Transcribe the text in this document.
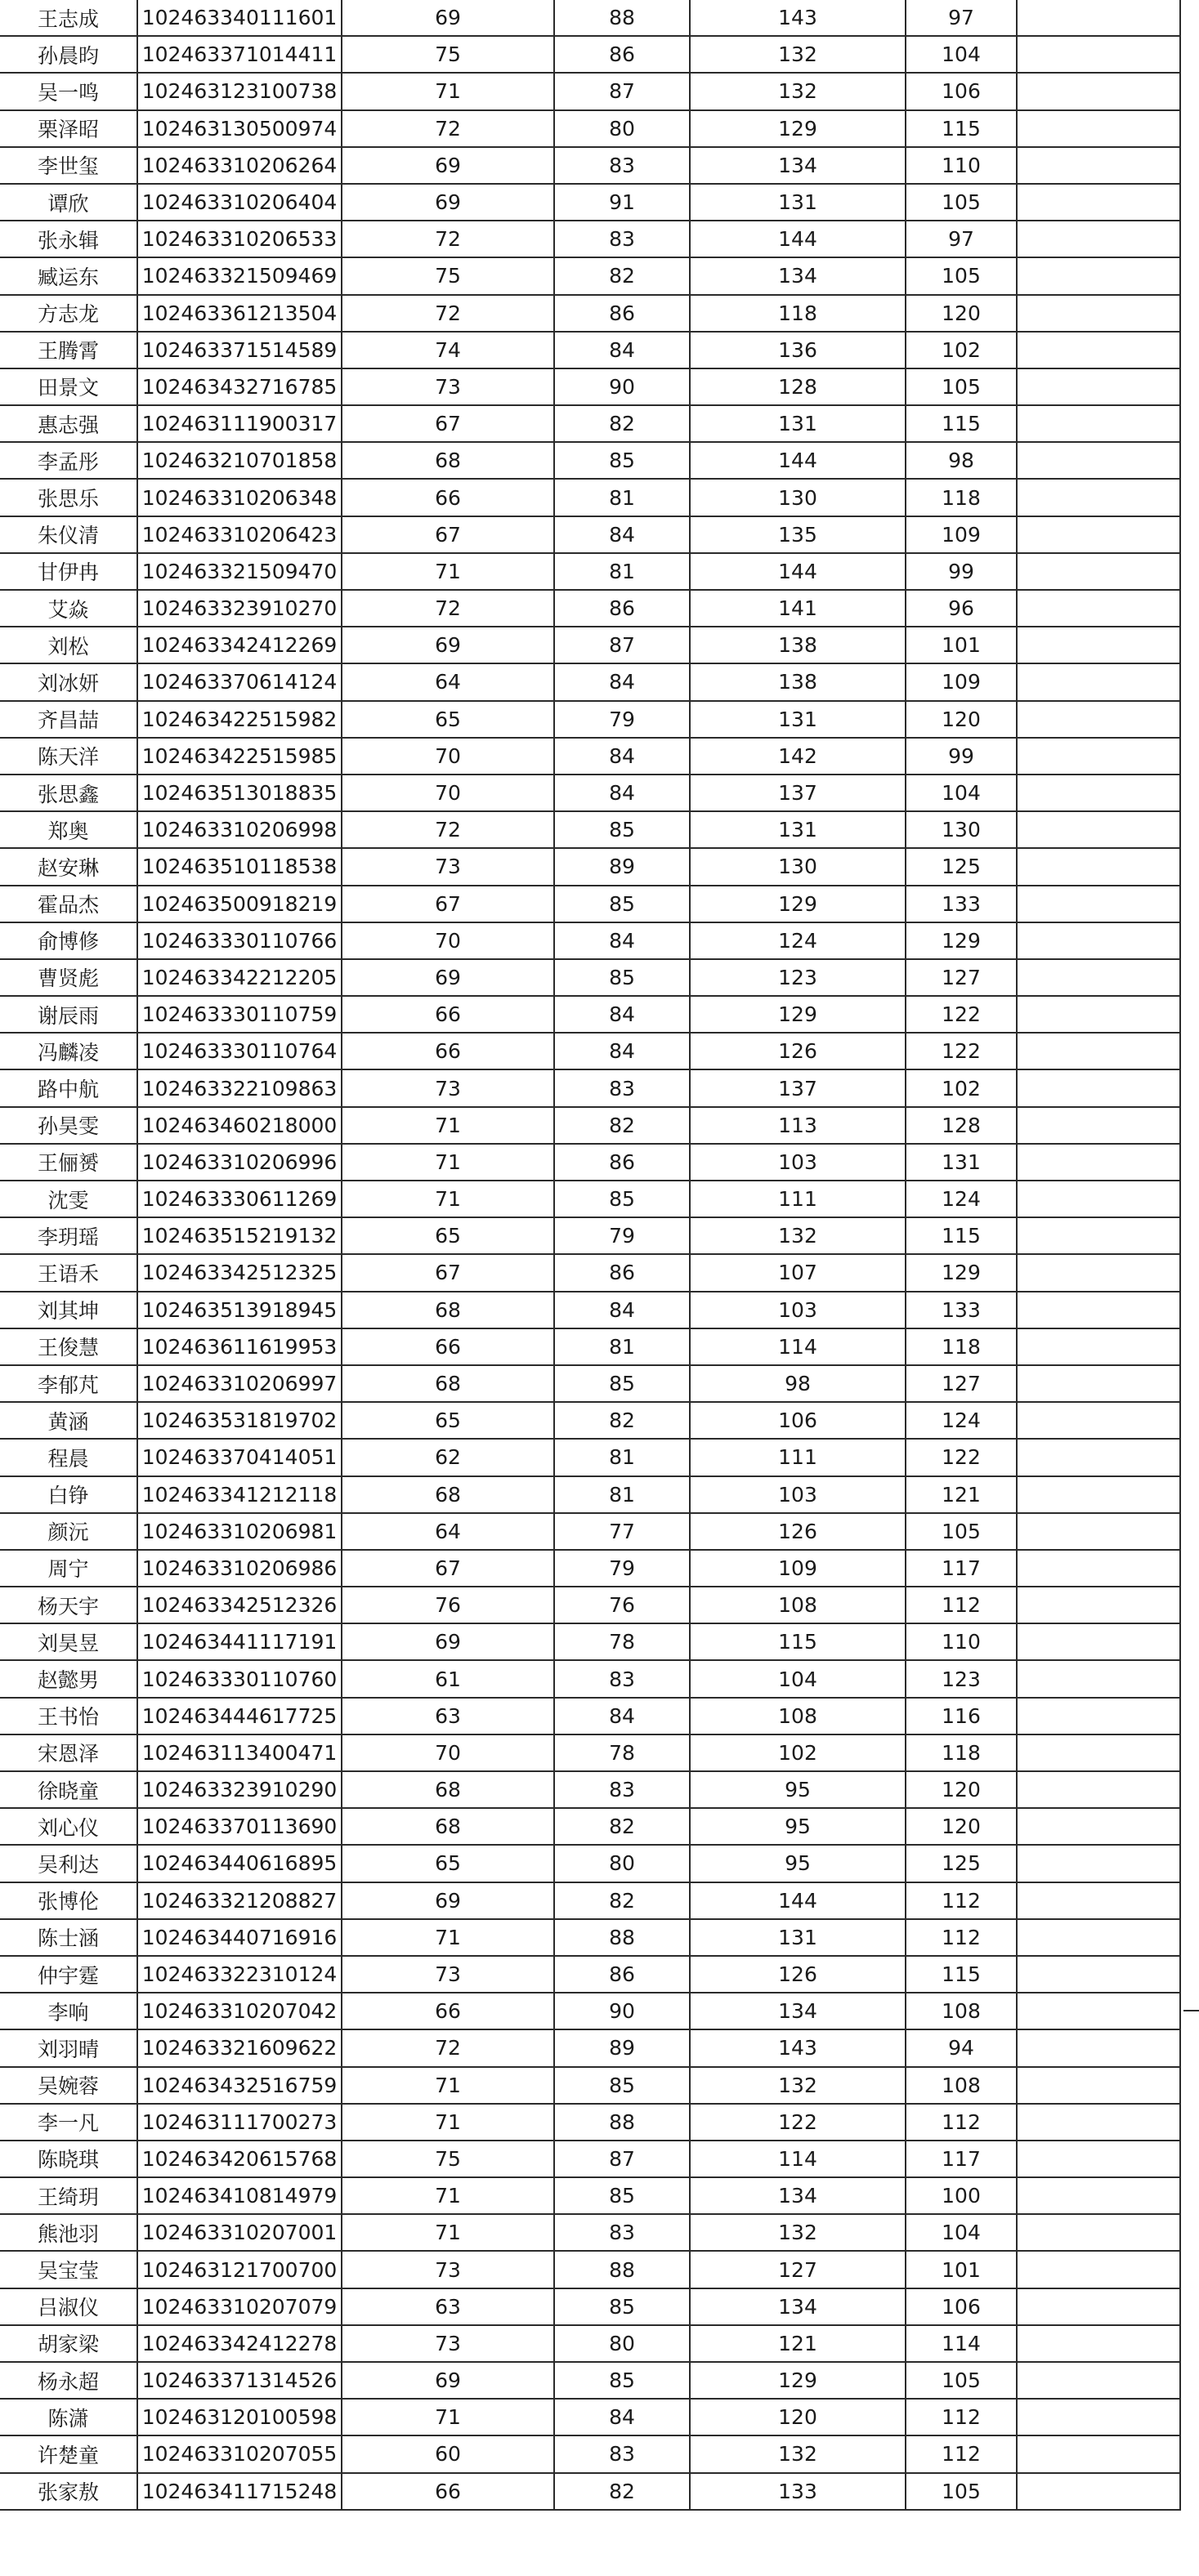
王志成	102463340111601	69	88	143	97	
孙晨昀	102463371014411	75	86	132	104	
吴一鸣	102463123100738	71	87	132	106	
栗泽昭	102463130500974	72	80	129	115	
李世玺	102463310206264	69	83	134	110	
谭欣	102463310206404	69	91	131	105	
张永辑	102463310206533	72	83	144	97	
臧运东	102463321509469	75	82	134	105	
方志龙	102463361213504	72	86	118	120	
王腾霄	102463371514589	74	84	136	102	
田景文	102463432716785	73	90	128	105	
惠志强	102463111900317	67	82	131	115	
李孟彤	102463210701858	68	85	144	98	
张思乐	102463310206348	66	81	130	118	
朱仪清	102463310206423	67	84	135	109	
甘伊冉	102463321509470	71	81	144	99	
艾焱	102463323910270	72	86	141	96	
刘松	102463342412269	69	87	138	101	
刘冰妍	102463370614124	64	84	138	109	
齐昌喆	102463422515982	65	79	131	120	
陈天洋	102463422515985	70	84	142	99	
张思鑫	102463513018835	70	84	137	104	
郑奥	102463310206998	72	85	131	130	
赵安琳	102463510118538	73	89	130	125	
霍品杰	102463500918219	67	85	129	133	
俞博修	102463330110766	70	84	124	129	
曹贤彪	102463342212205	69	85	123	127	
谢辰雨	102463330110759	66	84	129	122	
冯麟凌	102463330110764	66	84	126	122	
路中航	102463322109863	73	83	137	102	
孙昊雯	102463460218000	71	82	113	128	
王俪赟	102463310206996	71	86	103	131	
沈雯	102463330611269	71	85	111	124	
李玥瑶	102463515219132	65	79	132	115	
王语禾	102463342512325	67	86	107	129	
刘其坤	102463513918945	68	84	103	133	
王俊慧	102463611619953	66	81	114	118	
李郁芃	102463310206997	68	85	98	127	
黄涵	102463531819702	65	82	106	124	
程晨	102463370414051	62	81	111	122	
白铮	102463341212118	68	81	103	121	
颜沅	102463310206981	64	77	126	105	
周宁	102463310206986	67	79	109	117	
杨天宇	102463342512326	76	76	108	112	
刘昊昱	102463441117191	69	78	115	110	
赵懿男	102463330110760	61	83	104	123	
王书怡	102463444617725	63	84	108	116	
宋恩泽	102463113400471	70	78	102	118	
徐晓童	102463323910290	68	83	95	120	
刘心仪	102463370113690	68	82	95	120	
吴利达	102463440616895	65	80	95	125	
张博伦	102463321208827	69	82	144	112	
陈士涵	102463440716916	71	88	131	112	
仲宇霆	102463322310124	73	86	126	115	
李响	102463310207042	66	90	134	108	
刘羽晴	102463321609622	72	89	143	94	
吴婉蓉	102463432516759	71	85	132	108	
李一凡	102463111700273	71	88	122	112	
陈晓琪	102463420615768	75	87	114	117	
王绮玥	102463410814979	71	85	134	100	
熊池羽	102463310207001	71	83	132	104	
吴宝莹	102463121700700	73	88	127	101	
吕淑仪	102463310207079	63	85	134	106	
胡家梁	102463342412278	73	80	121	114	
杨永超	102463371314526	69	85	129	105	
陈潇	102463120100598	71	84	120	112	
许楚童	102463310207055	60	83	132	112	
张家敖	102463411715248	66	82	133	105	
